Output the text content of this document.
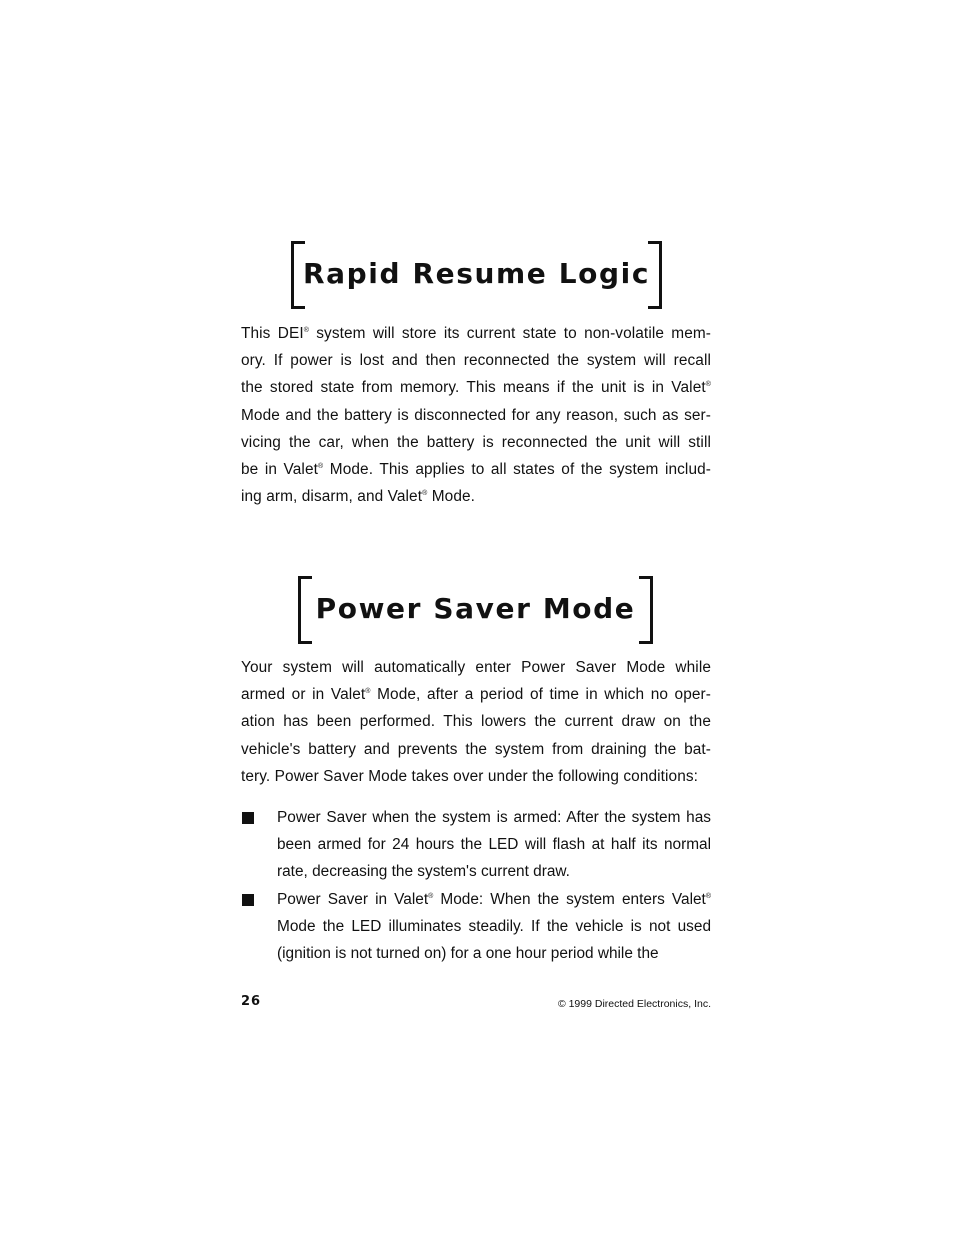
Rapid Resume Logic
This DEI® system will store its current state to non-volatile mem-
ory. If power is lost and then reconnected the system will recall
the stored state from memory. This means if the unit is in Valet®
Mode and the battery is disconnected for any reason, such as ser-
vicing the car, when the battery is reconnected the unit will still
be in Valet® Mode. This applies to all states of the system includ-
ing arm, disarm, and Valet® Mode.
Power Saver Mode
Your system will automatically enter Power Saver Mode while
armed or in Valet® Mode, after a period of time in which no oper-
ation has been performed. This lowers the current draw on the
vehicle's battery and prevents the system from draining the bat-
tery. Power Saver Mode takes over under the following conditions:
Power Saver when the system is armed: After the system has
been armed for 24 hours the LED will flash at half its normal
rate, decreasing the system's current draw.
Power Saver in Valet® Mode: When the system enters Valet®
Mode the LED illuminates steadily. If the vehicle is not used
(ignition is not turned on) for a one hour period while the
26	© 1999 Directed Electronics, Inc.
